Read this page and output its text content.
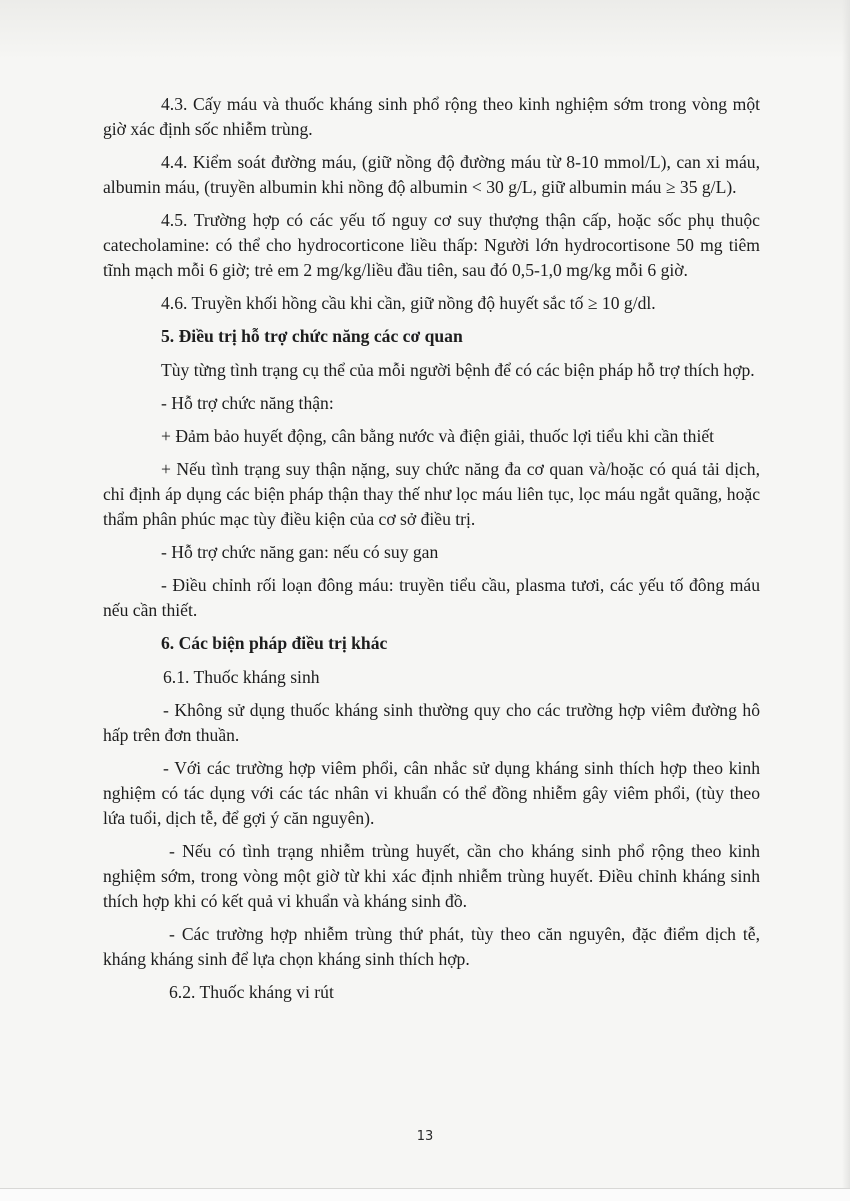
4.3. Cấy máu và thuốc kháng sinh phổ rộng theo kinh nghiệm sớm trong vòng một giờ xác định sốc nhiễm trùng.

4.4. Kiểm soát đường máu, (giữ nồng độ đường máu từ 8-10 mmol/L), can xi máu, albumin máu, (truyền albumin khi nồng độ albumin < 30 g/L, giữ albumin máu ≥ 35 g/L).

4.5. Trường hợp có các yếu tố nguy cơ suy thượng thận cấp, hoặc sốc phụ thuộc catecholamine: có thể cho hydrocorticone liều thấp: Người lớn hydrocortisone 50 mg tiêm tĩnh mạch mỗi 6 giờ; trẻ em 2 mg/kg/liều đầu tiên, sau đó 0,5-1,0 mg/kg mỗi 6 giờ.

4.6. Truyền khối hồng cầu khi cần, giữ nồng độ huyết sắc tố ≥ 10 g/dl.

5. Điều trị hỗ trợ chức năng các cơ quan

Tùy từng tình trạng cụ thể của mỗi người bệnh để có các biện pháp hỗ trợ thích hợp.

- Hỗ trợ chức năng thận:

+ Đảm bảo huyết động, cân bằng nước và điện giải, thuốc lợi tiểu khi cần thiết

+ Nếu tình trạng suy thận nặng, suy chức năng đa cơ quan và/hoặc có quá tải dịch, chỉ định áp dụng các biện pháp thận thay thế như lọc máu liên tục, lọc máu ngắt quãng, hoặc thẩm phân phúc mạc tùy điều kiện của cơ sở điều trị.

- Hỗ trợ chức năng gan: nếu có suy gan

- Điều chỉnh rối loạn đông máu: truyền tiểu cầu, plasma tươi, các yếu tố đông máu nếu cần thiết.

6. Các biện pháp điều trị khác

6.1. Thuốc kháng sinh

- Không sử dụng thuốc kháng sinh thường quy cho các trường hợp viêm đường hô hấp trên đơn thuần.

- Với các trường hợp viêm phổi, cân nhắc sử dụng kháng sinh thích hợp theo kinh nghiệm có tác dụng với các tác nhân vi khuẩn có thể đồng nhiễm gây viêm phổi, (tùy theo lứa tuổi, dịch tễ, để gợi ý căn nguyên).

- Nếu có tình trạng nhiễm trùng huyết, cần cho kháng sinh phổ rộng theo kinh nghiệm sớm, trong vòng một giờ từ khi xác định nhiễm trùng huyết. Điều chỉnh kháng sinh thích hợp khi có kết quả vi khuẩn và kháng sinh đồ.

- Các trường hợp nhiễm trùng thứ phát, tùy theo căn nguyên, đặc điểm dịch tễ, kháng kháng sinh để lựa chọn kháng sinh thích hợp.

6.2. Thuốc kháng vi rút

13
